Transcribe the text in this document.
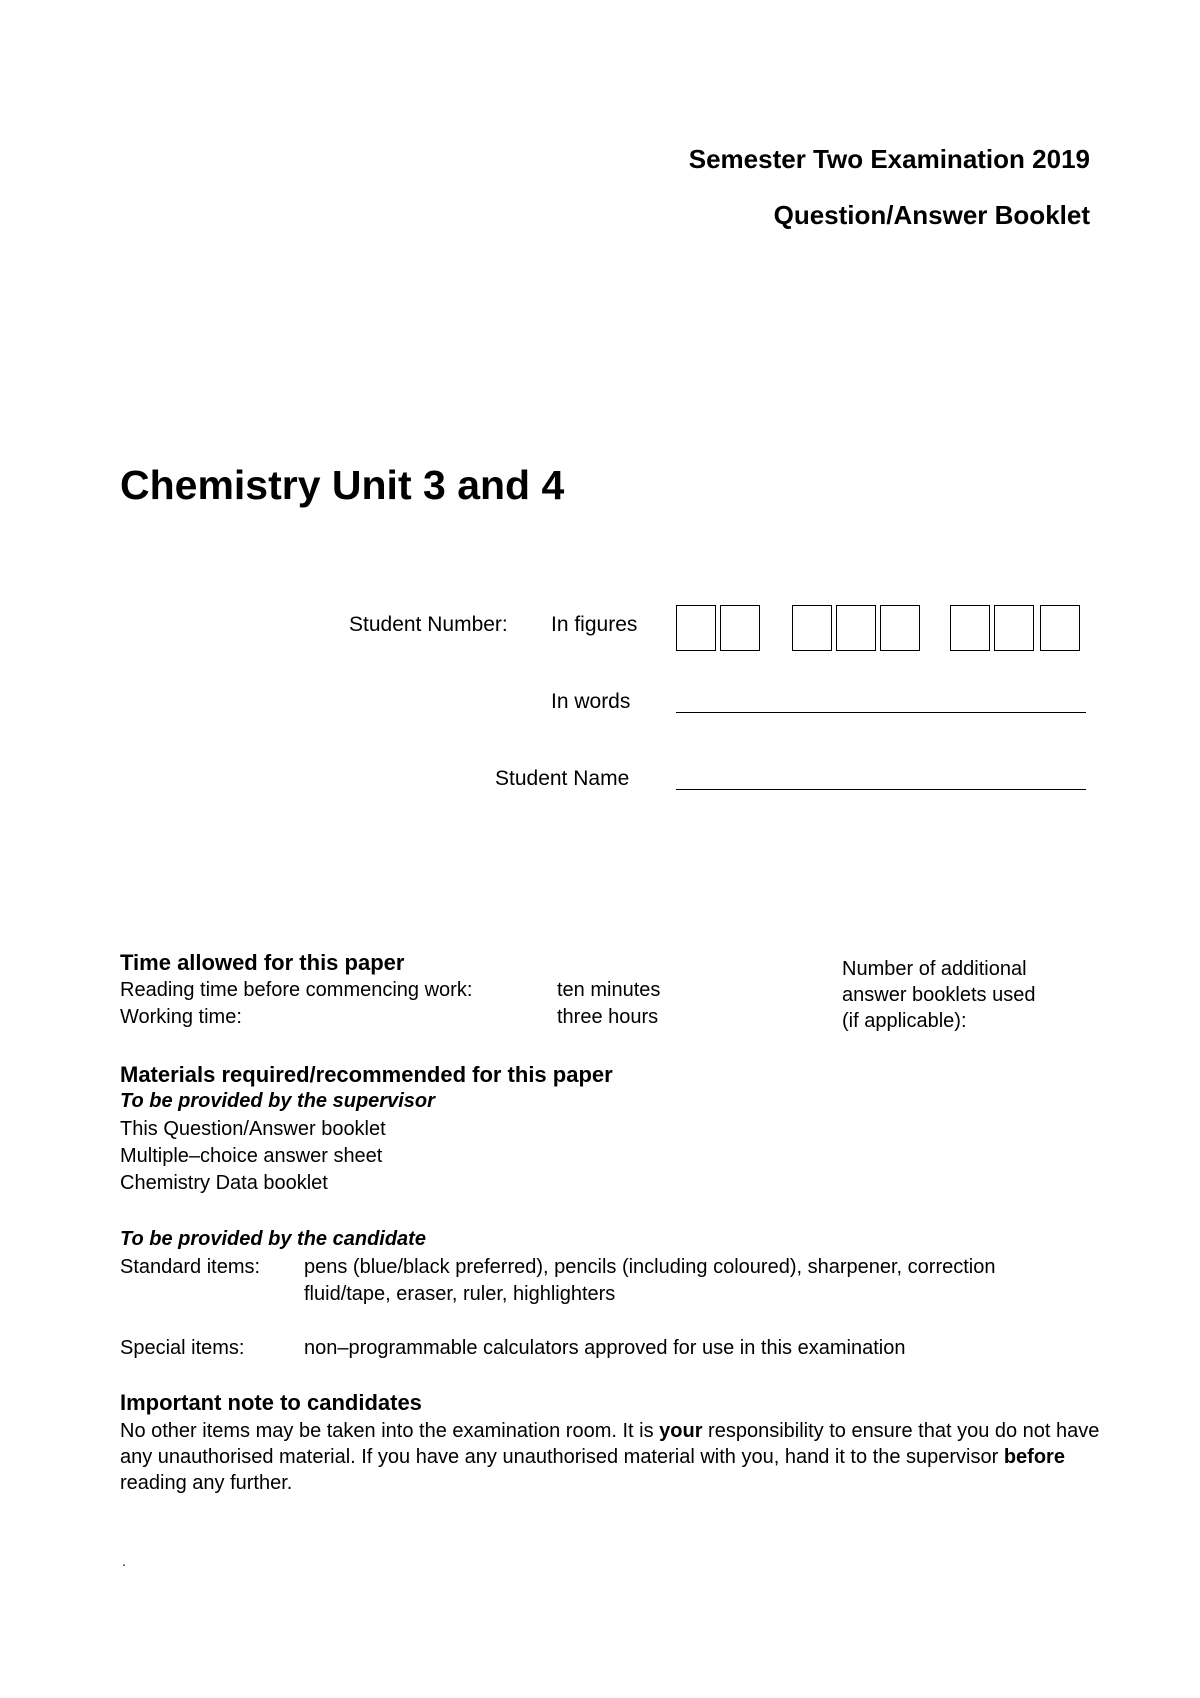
Semester Two Examination 2019
Question/Answer Booklet
Chemistry Unit 3 and 4
Student Number: In figures
In words
Student Name
Time allowed for this paper
Reading time before commencing work:	ten minutes
Working time:	three hours
Number of additional
answer booklets used
(if applicable):
Materials required/recommended for this paper
To be provided by the supervisor
This Question/Answer booklet
Multiple–choice answer sheet
Chemistry Data booklet
To be provided by the candidate
Standard items: pens (blue/black preferred), pencils (including coloured), sharpener, correction
fluid/tape, eraser, ruler, highlighters
Special items:	non–programmable calculators approved for use in this examination
Important note to candidates
No other items may be taken into the examination room. It is your responsibility to ensure that you do not have any unauthorised material. If you have any unauthorised material with you, hand it to the supervisor before reading any further.
.
